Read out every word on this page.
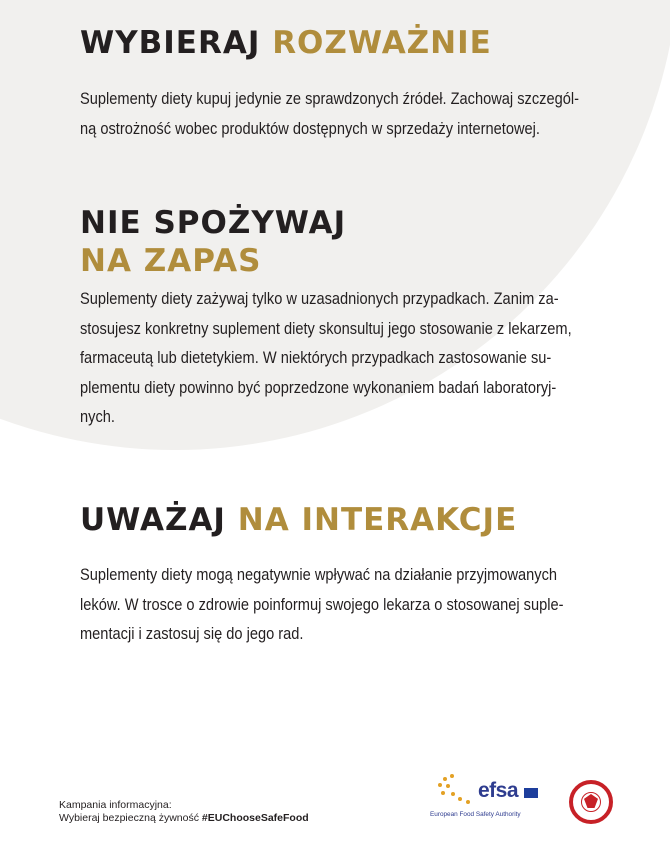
WYBIERAJ ROZWAŻNIE
Suplementy diety kupuj jedynie ze sprawdzonych źródeł. Zachowaj szczegól-
ną ostrożność wobec produktów dostępnych w sprzedaży internetowej.
NIE SPOŻYWAJ
NA ZAPAS
Suplementy diety zażywaj tylko w uzasadnionych przypadkach. Zanim za-
stosujesz konkretny suplement diety skonsultuj jego stosowanie z lekarzem,
farmaceutą lub dietetykiem. W niektórych przypadkach zastosowanie su-
plementu diety powinno być poprzedzone wykonaniem badań laboratoryj-
nych.
UWAŻAJ NA INTERAKCJE
Suplementy diety mogą negatywnie wpływać na działanie przyjmowanych
leków. W trosce o zdrowie poinformuj swojego lekarza o stosowanej suple-
mentacji i zastosuj się do jego rad.
Kampania informacyjna:
Wybieraj bezpieczną żywność #EUChooseSafeFood
efsa
European Food Safety Authority
